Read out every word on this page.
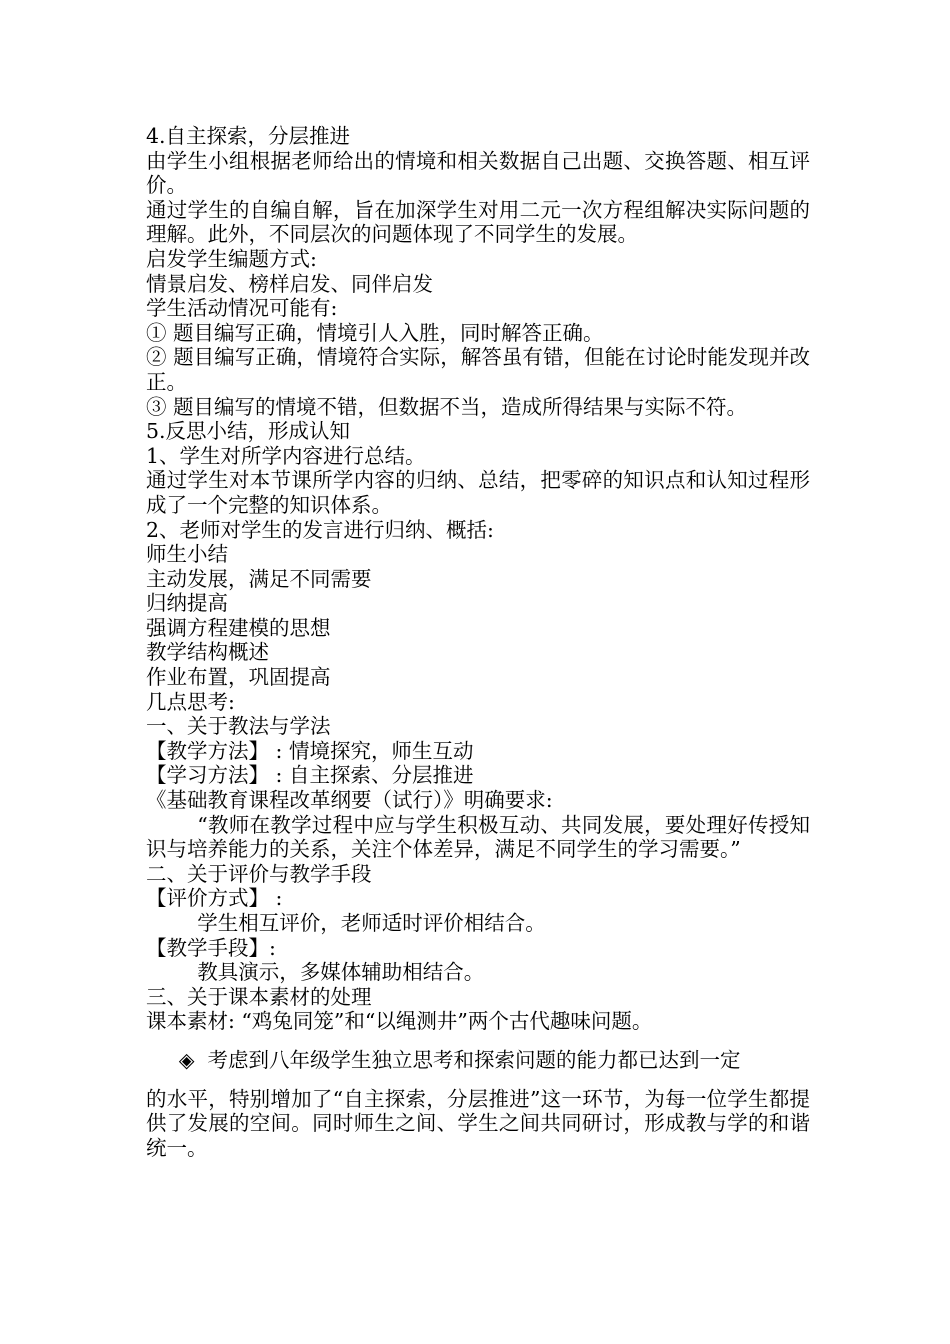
4.自主探索，分层推进

由学生小组根据老师给出的情境和相关数据自己出题、交换答题、相互评价。

通过学生的自编自解，旨在加深学生对用二元一次方程组解决实际问题的理解。此外，不同层次的问题体现了不同学生的发展。

启发学生编题方式:

情景启发、榜样启发、同伴启发

学生活动情况可能有:

① 题目编写正确，情境引人入胜，同时解答正确。

② 题目编写正确，情境符合实际，解答虽有错，但能在讨论时能发现并改正。

③ 题目编写的情境不错，但数据不当，造成所得结果与实际不符。

5.反思小结，形成认知

1、学生对所学内容进行总结。

通过学生对本节课所学内容的归纳、总结，把零碎的知识点和认知过程形成了一个完整的知识体系。

2、老师对学生的发言进行归纳、概括:

师生小结

主动发展，满足不同需要

归纳提高

强调方程建模的思想

教学结构概述

作业布置，巩固提高

几点思考:

一、关于教法与学法

【教学方法】 : 情境探究，师生互动

【学习方法】 : 自主探索、分层推进

《基础教育课程改革纲要（试行）》明确要求:

“教师在教学过程中应与学生积极互动、共同发展，要处理好传授知识与培养能力的关系，关注个体差异，满足不同学生的学习需要。”

二、关于评价与教学手段

【评价方式】 :

学生相互评价，老师适时评价相结合。

【教学手段】:

教具演示，多媒体辅助相结合。

三、关于课本素材的处理

课本素材: “鸡兔同笼”和“以绳测井”两个古代趣味问题。

◈ 考虑到八年级学生独立思考和探索问题的能力都已达到一定

的水平，特别增加了“自主探索，分层推进”这一环节，为每一位学生都提供了发展的空间。同时师生之间、学生之间共同研讨，形成教与学的和谐统一。
